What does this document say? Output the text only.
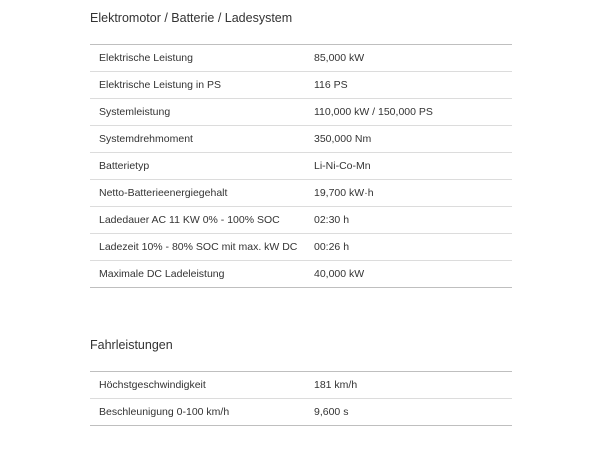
Elektromotor / Batterie / Ladesystem
Elektrische Leistung	85,000 kW
Elektrische Leistung in PS	116 PS
Systemleistung	110,000 kW / 150,000 PS
Systemdrehmoment	350,000 Nm
Batterietyp	Li-Ni-Co-Mn
Netto-Batterieenergiegehalt	19,700 kW·h
Ladedauer AC 11 KW 0% - 100% SOC	02:30 h
Ladezeit 10% - 80% SOC mit max. kW DC	00:26 h
Maximale DC Ladeleistung	40,000 kW
Fahrleistungen
Höchstgeschwindigkeit	181 km/h
Beschleunigung 0-100 km/h	9,600 s
